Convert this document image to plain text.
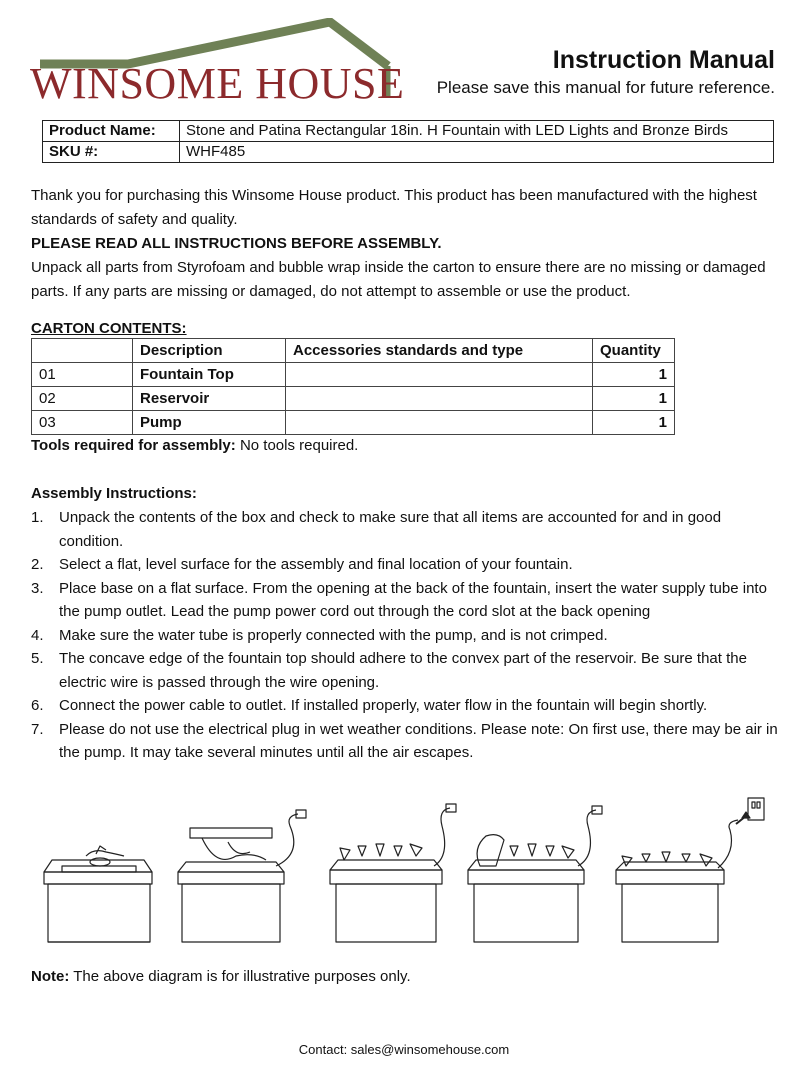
WINSOME HOUSE	Instruction Manual
Please save this manual for future reference.
Product Name:	Stone and Patina Rectangular 18in. H Fountain with LED Lights and Bronze Birds
SKU #:	WHF485
Thank you for purchasing this Winsome House product. This product has been manufactured with the highest
standards of safety and quality.
PLEASE READ ALL INSTRUCTIONS BEFORE ASSEMBLY.
Unpack all parts from Styrofoam and bubble wrap inside the carton to ensure there are no missing or damaged
parts. If any parts are missing or damaged, do not attempt to assemble or use the product.
CARTON CONTENTS:
	Description	Accessories standards and type	Quantity
01	Fountain Top		1
02	Reservoir		1
03	Pump		1
Tools required for assembly: No tools required.
Assembly Instructions:
1. Unpack the contents of the box and check to make sure that all items are accounted for and in good
condition.
2. Select a flat, level surface for the assembly and final location of your fountain.
3. Place base on a flat surface. From the opening at the back of the fountain, insert the water supply tube into
the pump outlet. Lead the pump power cord out through the cord slot at the back opening
4. Make sure the water tube is properly connected with the pump, and is not crimped.
5. The concave edge of the fountain top should adhere to the convex part of the reservoir. Be sure that the
electric wire is passed through the wire opening.
6. Connect the power cable to outlet. If installed properly, water flow in the fountain will begin shortly.
7. Please do not use the electrical plug in wet weather conditions. Please note: On first use, there may be air in
the pump. It may take several minutes until all the air escapes.
Note: The above diagram is for illustrative purposes only.
Contact: sales@winsomehouse.com
